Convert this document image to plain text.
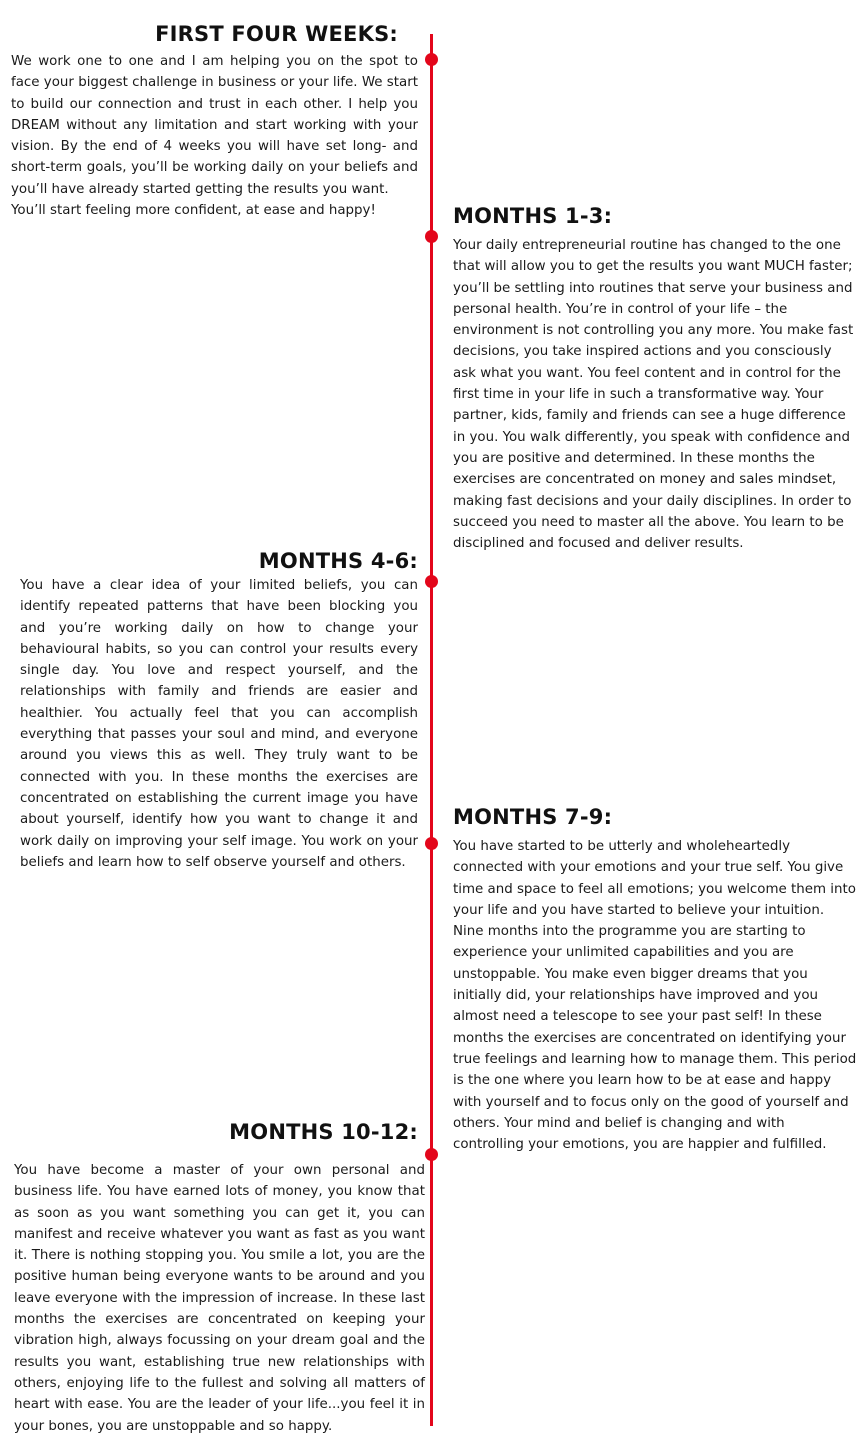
FIRST FOUR WEEKS:

We work one to one and I am helping you on the spot to face your biggest challenge in business or your life. We start to build our connection and trust in each other. I help you DREAM without any limitation and start working with your vision. By the end of 4 weeks you will have set long- and short-term goals, you’ll be working daily on your beliefs and you’ll have already started getting the results you want.

You’ll start feeling more confident, at ease and happy!	MONTHS 1-3:

Your daily entrepreneurial routine has changed to the one that will allow you to get the results you want MUCH faster; you’ll be settling into routines that serve your business and personal health. You’re in control of your life – the environment is not controlling you any more. You make fast decisions, you take inspired actions and you consciously ask what you want. You feel content and in control for the first time in your life in such a transformative way. Your partner, kids, family and friends can see a huge difference in you. You walk differently, you speak with confidence and you are positive and determined. In these months the exercises are concentrated on money and sales mindset, making fast decisions and your daily disciplines. In order to succeed you need to master all the above. You learn to be disciplined and focused and deliver results.

MONTHS 4-6:

You have a clear idea of your limited beliefs, you can identify repeated patterns that have been blocking you and you’re working daily on how to change your behavioural habits, so you can control your results every single day. You love and respect yourself, and the relationships with family and friends are easier and healthier. You actually feel that you can accomplish everything that passes your soul and mind, and everyone around you views this as well. They truly want to be connected with you. In these months the exercises are concentrated on establishing the current image you have about yourself, identify how you want to change it and work daily on improving your self image. You work on your beliefs and learn how to self observe yourself and others.

MONTHS 7-9:

You have started to be utterly and wholeheartedly connected with your emotions and your true self. You give time and space to feel all emotions; you welcome them into your life and you have started to believe your intuition. Nine months into the programme you are starting to experience your unlimited capabilities and you are unstoppable. You make even bigger dreams that you initially did, your relationships have improved and you almost need a telescope to see your past self! In these months the exercises are concentrated on identifying your true feelings and learning how to manage them. This period is the one where you learn how to be at ease and happy with yourself and to focus only on the good of yourself and others. Your mind and belief is changing and with controlling your emotions, you are happier and fulfilled.

MONTHS 10-12:

You have become a master of your own personal and business life. You have earned lots of money, you know that as soon as you want something you can get it, you can manifest and receive whatever you want as fast as you want it. There is nothing stopping you. You smile a lot, you are the positive human being everyone wants to be around and you leave everyone with the impression of increase. In these last months the exercises are concentrated on keeping your vibration high, always focussing on your dream goal and the results you want, establishing true new relationships with others, enjoying life to the fullest and solving all matters of heart with ease. You are the leader of your life...you feel it in your bones, you are unstoppable and so happy.
